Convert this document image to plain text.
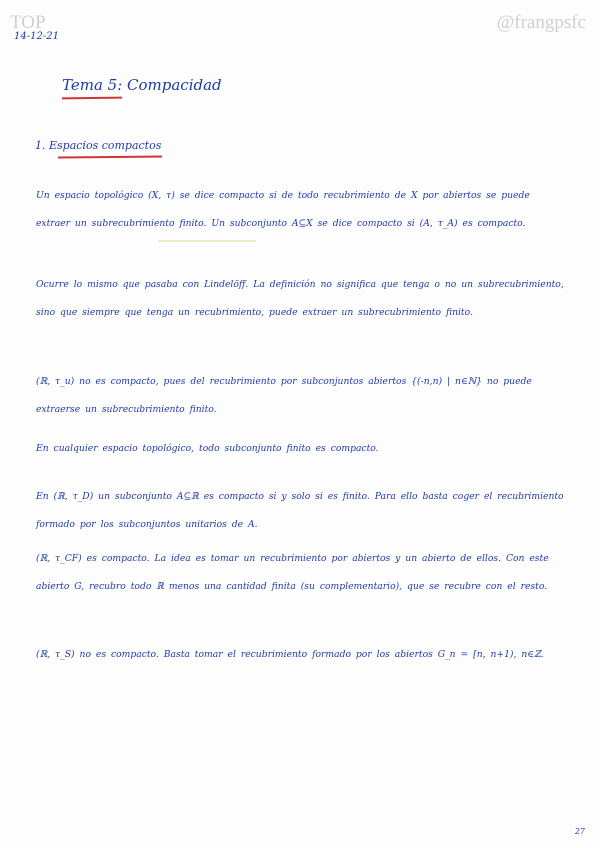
TOP	@frangpsfc
14-12-21
Tema 5: Compacidad
1. Espacios compactos

Un espacio topológico (X, τ) se dice compacto si de todo recubrimiento de X por abiertos se puede extraer un subrecubrimiento finito. Un subconjunto A⊆X se dice compacto si (A, τ_A) es compacto.

Ocurre lo mismo que pasaba con Lindelöff. La definición no significa que tenga o no un subrecubrimiento, sino que siempre que tenga un recubrimiento, puede extraer un subrecubrimiento finito.

(ℝ, τ_u) no es compacto, pues del recubrimiento por subconjuntos abiertos {(-n,n) | n∈ℕ} no puede extraerse un subrecubrimiento finito.

En cualquier espacio topológico, todo subconjunto finito es compacto.

En (ℝ, τ_D) un subconjunto A⊆ℝ es compacto si y solo si es finito. Para ello basta coger el recubrimiento formado por los subconjuntos unitarios de A.

(ℝ, τ_CF) es compacto. La idea es tomar un recubrimiento por abiertos y un abierto de ellos. Con este abierto G, recubro todo ℝ menos una cantidad finita (su complementario), que se recubre con el resto.

(ℝ, τ_S) no es compacto. Basta tomar el recubrimiento formado por los abiertos G_n = [n, n+1), n∈ℤ.

27
